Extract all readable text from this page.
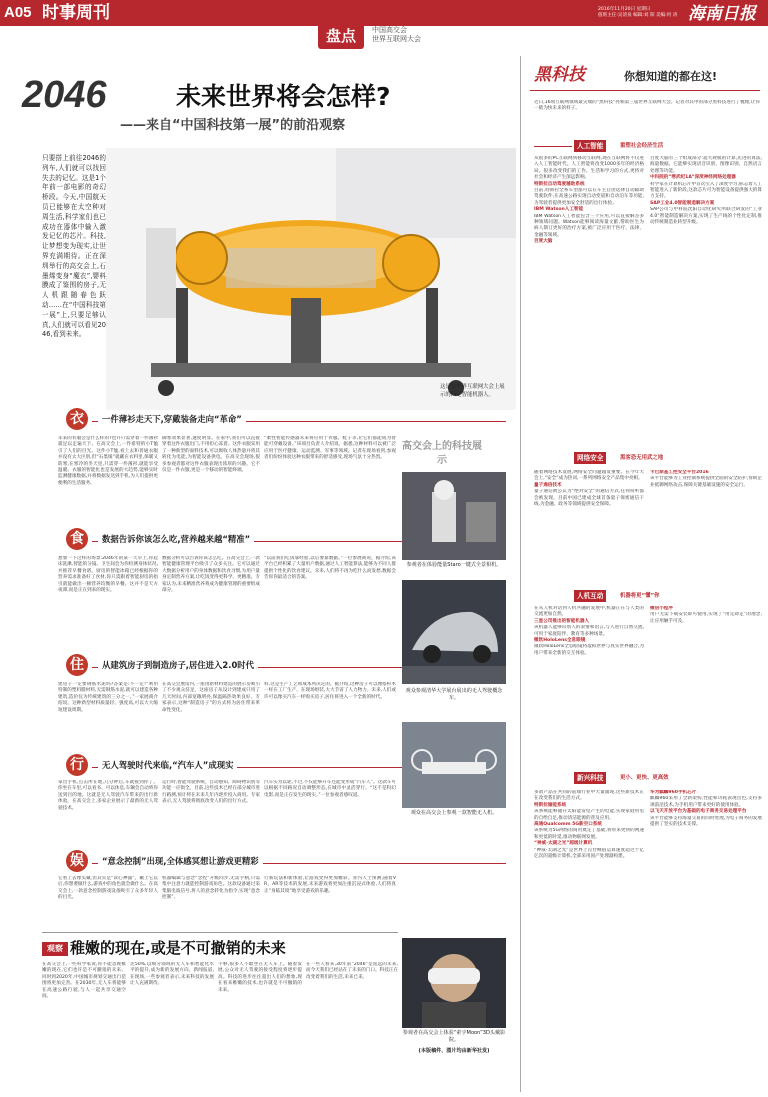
A05 时事周刊
盘点	中国高交会
世界互联网大会
2016年11月20日 星期日
值班主任:吴清泉 编辑:刘 阳 美编:何 涛 海南日报
2046	未来世界将会怎样?
——来自“中国科技第一展”的前沿观察
只要搭上前往2046的列车,人们就可以找回失去的记忆。这是1个年前一部电影的奇幻桥段。今天,中国航天员已能够在太空种对周生活,科学家们也已成功在器体中输入激发记忆的芯片。科技,让梦想变为现实,让世界充满期待。正在深圳举行的高交会上,石墨烯变身“魔衣”,婴料膜成了鉴围的房子,无人机跟随春色跃动……在“中国科技第一展”上,只要足够认真,人们就可以看见2046,看到未来。
这是在世界互联网大会上展示的四足智能机器人。
衣	一件薄衫走天下,穿戴装备走向“革命”
未来的衣服会是什么样的?也许只需穿着一件薄衫就足以走遍天下。在高交会上,一件希特的小T恤引了人们的目光。这件小T恤,看上去和普通衣服并没有太大区别,但“石墨烯”就藏在衣料里,保暖又防寒,在寒冷的冬天里,只需穿一件薄衫,就能享受温暖。衣服的智能化也是发展的大趋势,能够实时监测健康数据,并将数据发送到手机,为人们提供更便利的生活服务。
御寒效果显著,速度明显。在家中,我们可以直接穿着这件衣服出门,不用担心冻着。这件衣服采用了一种新型的面料技术,可以吸收人体热量并将其转化为电能,为智能设备供电。在高交会现场,很多参观者都对这件衣服表现出浓厚的兴趣。它不仅是一件衣服,更是一个移动的智能终端。
“柔性智能传感器未来将应用于衣服、鞋子等,让它们都能成为智能可穿戴设备。”该项目负责人介绍说。据悉,这种材料可以被广泛应用于医疗健康、运动监测、军事等领域。记者在现场看到,参观者们纷纷体验这种衣服带来的舒适感受,现场气氛十分热烈。
食	数据告诉你该怎么吃,营养越来越“精准”
想象一下这样的场景:2046年的某一天早上,你起床洗漱,智能的分镜、卫生间会为你检测身体状况,并推荐早餐食谱。厨房的智能冰箱已经根据你的营养需求准备好了食材,你只需跟着智能厨房的指引就能做出一顿营养均衡的早餐。这并不是天方夜谭,而是正在到来的现实。
数据分析可以告诉你该怎么吃。在高交会上,一款智能健康管理平台吸引了众多关注。它可以通过大数据分析用户的身体数据和饮食习惯,为用户量身定制营养方案,让吃饭变得更科学、更精准。专家认为,未来精准营养将成为健康管理的重要组成部分。
“以前我们吃饭靠经验,以后要靠数据。”一位参展商说。据介绍,该平台已经积累了大量用户数据,通过人工智能算法,能够为不同人群提供个性化的饮食建议。未来,人们将不再为吃什么而发愁,数据会告诉你最适合的答案。
住	从建筑房子到制造房子,居住进入2.0时代
建房子一定要钢筋水泥吗?答案是:不一定!“利用特制的塑料膜材料,无需钢筋水泥,就可以建造各种建筑,造价仅为传统建筑的三分之一。”一家展商介绍说。这种新型材料质量轻、强度高,可以大大缩短建设周期。
在高交会展馆内,一座由新材料建造的展示房吸引了不少观众驻足。这座房子从设计到建成只用了几天时间,内部宽敞明亮,保温隔热效果良好。专家表示,这种“制造房子”的方式将为居住带来革命性变化。
料,这是生产工艺和成本所决定的。据介绍,这种房子可以像搭积木一样在工厂生产、在现场组装,大大节省了人力物力。未来,人们或许可以像买汽车一样购买房子,居住将进入一个全新的时代。
行	无人驾驶时代来临,“汽车人”成现实
拿出手机,点击所在地,几分钟后,车就接到你了。你坐在车里,可以看书、可以休息,车辆会自动将你送到目的地。这就是无人驾驶汽车带来的出行新体验。在高交会上,多家企业展示了最新的无人驾驶技术。
运行时,智能驾驶系统、自动感知、障碍物识别等功能一应俱全。目前,这些技术已经在部分城市进行路测,预计将在未来几年内逐步投入商用。专家表示,无人驾驶将彻底改变人们的出行方式。
汽车实为以轮,不过,不仅能够开车还能变形成“汽车人”。这款车可以根据不同路况自动调整形态,在城市中灵活穿行。“这不是科幻电影,而是正在发生的现实。”一位参观者感叹道。
娱	“意念控制”出现,全体感冥想让游戏更精彩
它看上去像头戴,但其实是“读心神器”。戴上它以后,你想要做什么,游戏中的角色就会做什么。在高交会上,一款意念控制游戏设备吸引了众多年轻人的目光。
机器编辑与意念“念控”升级同步,无需手柄,只需集中注意力就能控制游戏角色。这款设备通过采集脑电波信号,将人的意念转化为指令,实现“意念控制”。
行新玩法和新体验,让游戏变得更加精彩。业内人士预测,随着VR、AR等技术的发展,未来游戏将更加注重沉浸式体验,人们将真正“身临其境”地享受游戏的乐趣。
高交会上的科技展示
参观者在体验能量Staro一键式全景相机。
观众参观清华大学展台展出的无人驾驶概念车。
观众在高交会上参观一款智能无人机。
参观者在高交会上体验“索宇Moon”3D头戴影院。
(本版稿件、图片均由新华社发)
观察 稚嫩的现在,或是不可撤销的未来
在高交会上,一些科学家说,你不能忽视稚嫩的现在,它们也许是不可撤销的未来。同时到2020年,中国城市规划交通出行范围将更加完善。在2030年,无人车将能够在高速公路行驶,与人一起共享交通空间。
达50%,以细分领域的无人车和智能化水平的提升,成为新的发展方向。新闻报道,在现场,一些参观者表示,未来科技的发展让人充满期待。
不够,很多人不敢坐在无人车上。随着发展,公众对无人驾驶的接受程度将逐步提高。科技的进步往往超出人们的想象,现在看来稚嫩的技术,也许就是不可撤销的未来。
在一些人看来,30年前“2046”是遥远的未来,而今天我们已经站在了未来的门口。科技正在改变着我们的生活,未来已来。
黑科技	你想知道的都在这!
近日,16项互联网领域最尖端的“黑科技”亮相第三届世界互联网大会。记者对其中的部分黑科技进行了梳理,让你一睹为快未来的样子。
人工智能	重塑社会经济生活
从很多的PC互联网到移动互联网,现在互联网将不仅进入人工智能时代。人工智能将改变1000多年的经济格局。很多改变我们的工作、生活和学习的方式,更将对社会和经济产生深远影响。
特斯拉自动驾驶辅助系统
目前,特斯拉全系车型都可以在车主自由选择自动辅助驾驶软件,在高速公路实现自动变道和自动泊车等功能,为驾驶者提供更加安全舒适的出行体验。
IBM Watson人工智能
IBM Watson人工智能包含三个应用,可以直接解答多种领域问题。Watson能够阅读海量文献,帮助医生为病人制订更好的治疗方案,被广泛应用于医疗、法律、金融等领域。
百度大脑
百度大脑有三个组成部分:超大规模的计算,先进的算法,海量数据。它能够实现语音识别、图像识别、自然语言处理等功能。
中科院的“寒武纪1A”深度神经网络处理器
科学家在计算机芯片中首次引入了深度学习,标志着人工智能进入了新阶段,这款芯片可为智能设备提供强大的算力支持。
SAP工业4.0智能制造解决方案
SAP公司与中科院沈阳自动化研究所联合研发的“工业4.0”智能制造解决方案,实现了生产线的个性化定制,推动传统制造业转型升级。
网络安全	黑客恐无用武之地
随着网络技术发展,网络安全问题越发重要。在今年大会上,“安全”成为热词,一系列网络安全产品集中亮相。
量子通信技术
量子通信被公认为“绝对安全”的通信方式,任何窃听都会被发现。目前中国已建成全球首条量子保密通信干线,为金融、政务等领域提供安全保障。
卡巴斯基工控安全平台2016
该平台能够为工业控制系统提供全面的安全防护,帮助企业抵御网络攻击,保障关键基础设施的安全运行。
人机互动	机器将更“懂”你
在从人机对话到人机共融的发展中,机器正在与人类的交流更加自然。
三星公司推出的智能机器人
该机器人能够识别人的表情和语言,与人进行自然交流,可用于家庭陪伴、教育等多种场景。
微软HoloLens全息眼镜
微软HoloLens全息眼镜将虚拟世界与真实世界融合,为用户带来全新的交互体验。
微信小程序
用户无需下载安装即可使用,实现了“用完即走”的理念,让应用触手可及。
新兴科技	更小、更快、更高效
多款产品在共同的前端行业中大量涌现,这些新技术正在改变我们的生活方式。
特斯拉储能系统
该系统能够储存太阳能发电产生的电能,实现家庭用电的自给自足,推动清洁能源的普及应用。
高通Qualcomm 5G新空口系统
该系统为5G网络的商用奠定了基础,将带来更快的网速和更低的时延,推动物联网发展。
“神威·太湖之光”超级计算机
“神威·太湖之光”是世界上首台峰值运算速度超过十亿亿次的超级计算机,全部采用国产处理器构建。
华为麒麟960手机芯片
麒麟960采用了全新架构,性能和功耗表现出色,支持多项前沿技术,为手机用户带来更好的使用体验。
以飞天开放平台为基础的电子商务交易处理平台
该平台能够支持海量交易的同时处理,为电子商务的发展提供了坚实的技术支撑。
